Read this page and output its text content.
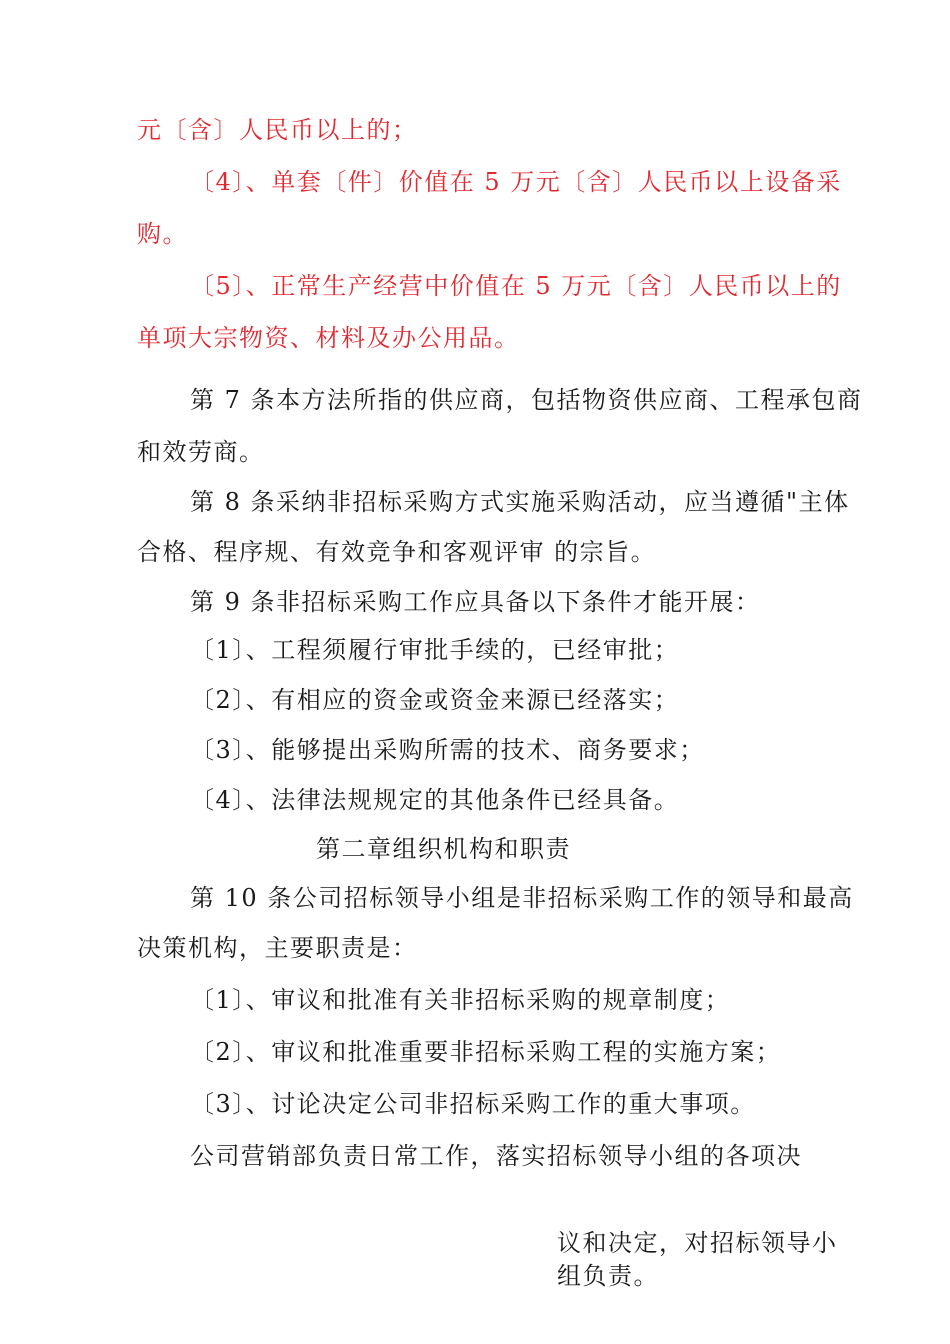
元〔含〕人民币以上的；
〔4〕、单套〔件〕价值在 5 万元〔含〕人民币以上设备采
购。
〔5〕、正常生产经营中价值在 5 万元〔含〕人民币以上的
单项大宗物资、材料及办公用品。
第 7 条本方法所指的供应商，包括物资供应商、工程承包商
和效劳商。
第 8 条采纳非招标采购方式实施采购活动，应当遵循"主体
合格、程序规、有效竞争和客观评审 的宗旨。
第 9 条非招标采购工作应具备以下条件才能开展：
〔1〕、工程须履行审批手续的，已经审批；
〔2〕、有相应的资金或资金来源已经落实；
〔3〕、能够提出采购所需的技术、商务要求；
〔4〕、法律法规规定的其他条件已经具备。
第二章组织机构和职责
第 10 条公司招标领导小组是非招标采购工作的领导和最高
决策机构，主要职责是：
〔1〕、审议和批准有关非招标采购的规章制度；
〔2〕、审议和批准重要非招标采购工程的实施方案；
〔3〕、讨论决定公司非招标采购工作的重大事项。
公司营销部负责日常工作，落实招标领导小组的各项决
议和决定，对招标领导小
组负责。
